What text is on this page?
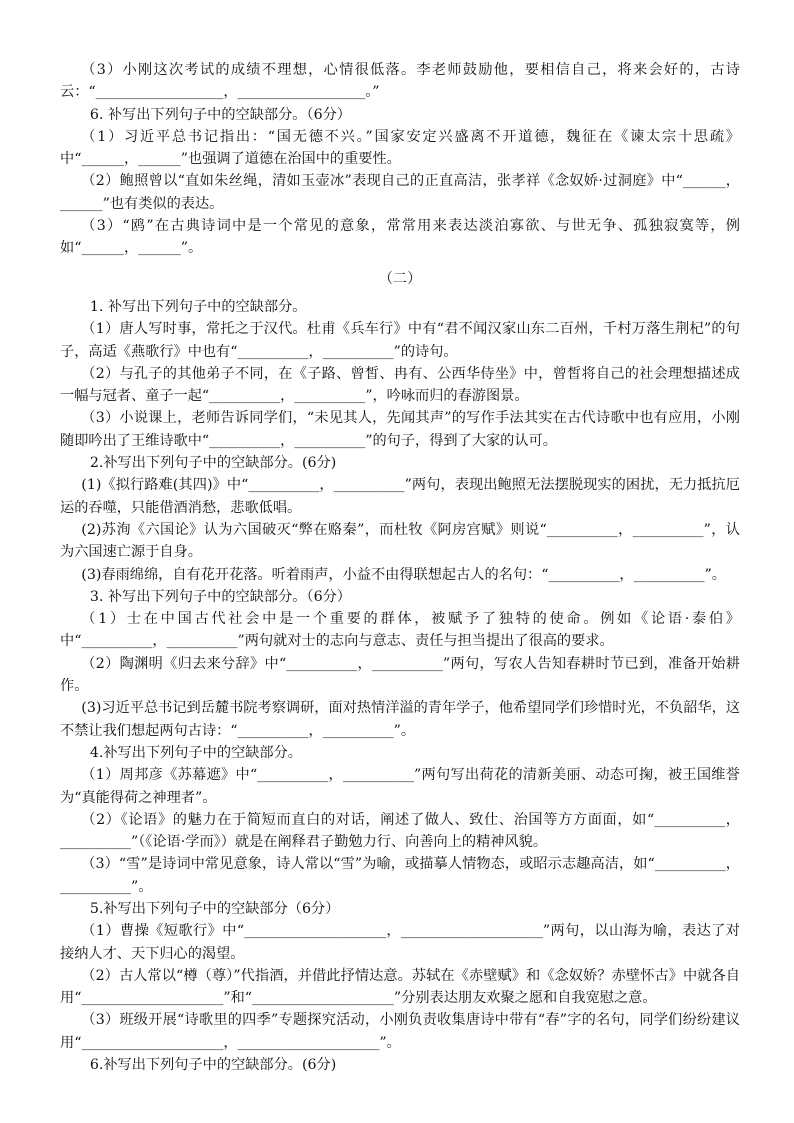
（3）小刚这次考试的成绩不理想，心情很低落。李老师鼓励他，要相信自己，将来会好的，古诗云：“__________________，__________________。”

6. 补写出下列句子中的空缺部分。（6分）

（1）习近平总书记指出：“国无德不兴。”国家安定兴盛离不开道德，魏征在《谏太宗十思疏》中“______，______”也强调了道德在治国中的重要性。

（2）鲍照曾以“直如朱丝绳，清如玉壶冰”表现自己的正直高洁，张孝祥《念奴娇·过洞庭》中“______，______”也有类似的表达。

（3）“鸥”在古典诗词中是一个常见的意象，常常用来表达淡泊寡欲、与世无争、孤独寂寞等，例如“______，______”。

（二）

1. 补写出下列句子中的空缺部分。

（1）唐人写时事，常托之于汉代。杜甫《兵车行》中有“君不闻汉家山东二百州，千村万落生荆杞”的句子，高适《燕歌行》中也有“__________，__________”的诗句。

（2）与孔子的其他弟子不同，在《子路、曾皙、冉有、公西华侍坐》中，曾皙将自己的社会理想描述成一幅与冠者、童子一起“__________，__________”，吟咏而归的春游图景。

（3）小说课上，老师告诉同学们，“未见其人，先闻其声”的写作手法其实在古代诗歌中也有应用，小刚随即吟出了王维诗歌中“__________，__________”的句子，得到了大家的认可。

2.补写出下列句子中的空缺部分。(6分)

(1)《拟行路难(其四)》中“__________，__________”两句，表现出鲍照无法摆脱现实的困扰，无力抵抗厄运的吞噬，只能借酒消愁，悲歌低唱。

(2)苏洵《六国论》认为六国破灭“弊在赂秦”，而杜牧《阿房宫赋》则说“__________，__________”，认为六国速亡源于自身。

(3)春雨绵绵，自有花开花落。听着雨声，小益不由得联想起古人的名句：“__________，__________”。

3. 补写出下列句子中的空缺部分。（6分）

（1）士在中国古代社会中是一个重要的群体，被赋予了独特的使命。例如《论语·泰伯》中“__________，__________”两句就对士的志向与意志、责任与担当提出了很高的要求。

（2）陶渊明《归去来兮辞》中“__________，__________”两句，写农人告知春耕时节已到，准备开始耕作。

(3)习近平总书记到岳麓书院考察调研，面对热情洋溢的青年学子，他希望同学们珍惜时光，不负韶华，这不禁让我们想起两句古诗：“__________，__________”。

4.补写出下列句子中的空缺部分。

（1）周邦彦《苏幕遮》中“__________，__________”两句写出荷花的清新美丽、动态可掬，被王国维誉为“真能得荷之神理者”。

（2）《论语》的魅力在于简短而直白的对话，阐述了做人、致仕、治国等方方面面，如“__________，__________”（《论语·学而》）就是在阐释君子勤勉力行、向善向上的精神风貌。

（3）“雪”是诗词中常见意象，诗人常以“雪”为喻，或描摹人情物态，或昭示志趣高洁，如“__________，__________”。

5.补写出下列句子中的空缺部分（6分）

（1）曹操《短歌行》中“____________________，____________________”两句，以山海为喻，表达了对接纳人才、天下归心的渴望。

（2）古人常以“樽（尊）”代指酒，并借此抒情达意。苏轼在《赤壁赋》和《念奴娇？赤壁怀古》中就各自用“____________________”和“____________________”分别表达朋友欢聚之愿和自我宽慰之意。

（3）班级开展“诗歌里的四季”专题探究活动，小刚负责收集唐诗中带有“春”字的名句，同学们纷纷建议用“____________________，____________________”。

6.补写出下列句子中的空缺部分。(6分)
